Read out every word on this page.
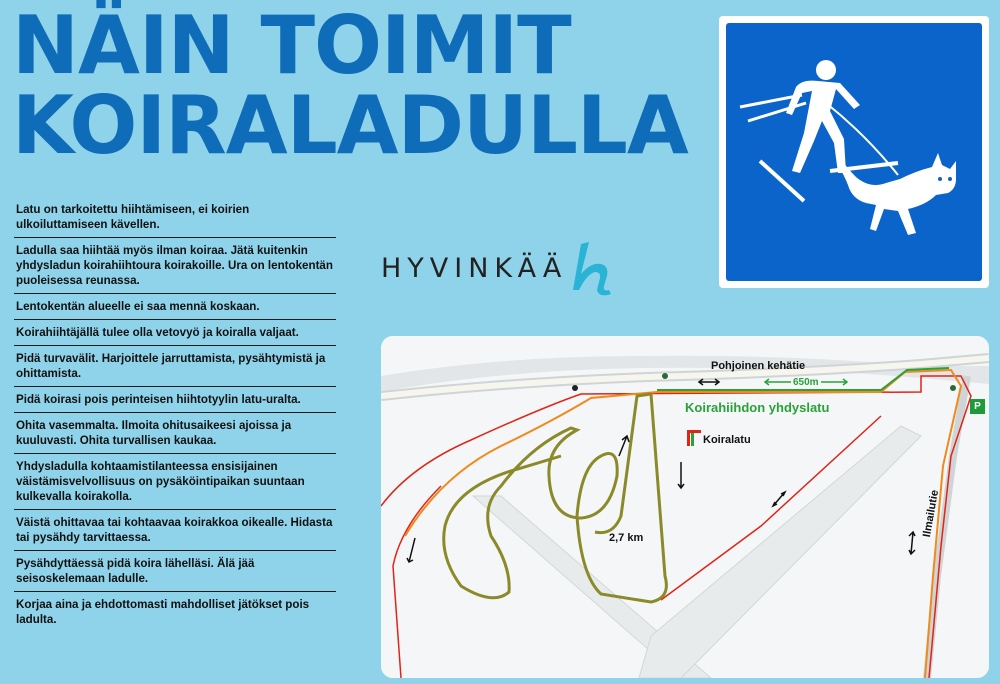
NÄIN TOIMIT
KOIRALADULLA
Latu on tarkoitettu hiihtämiseen, ei koirien ulkoiluttamiseen kävellen.
Ladulla saa hiihtää myös ilman koiraa. Jätä kuitenkin yhdysladun koirahiihtoura koirakoille. Ura on lentokentän puoleisessa reunassa.
Lentokentän alueelle ei saa mennä koskaan.
Koirahiihtäjällä tulee olla vetovyö ja koiralla valjaat.
Pidä turvavälit. Harjoittele jarruttamista, pysähtymistä ja ohittamista.
Pidä koirasi pois perinteisen hiihtotyylin latu-uralta.
Ohita vasemmalta. Ilmoita ohitusaikeesi ajoissa ja kuuluvasti. Ohita turvallisen kaukaa.
Yhdysladulla kohtaamistilanteessa ensisijainen väistämisvelvollisuus on pysäköintipaikan suuntaan kulkevalla koirakolla.
Väistä ohittavaa tai kohtaavaa koirakkoa oikealle. Hidasta tai pysähdy tarvittaessa.
Pysähdyttäessä pidä koira lähelläsi. Älä jää seisoskelemaan ladulle.
Korjaa aina ja ehdottomasti mahdolliset jätökset pois ladulta.
HYVINKÄÄ
Pohjoinen kehätie
650m
Koirahiihdon yhdyslatu
Koiralatu
2,7 km	Ilmailutie
P
